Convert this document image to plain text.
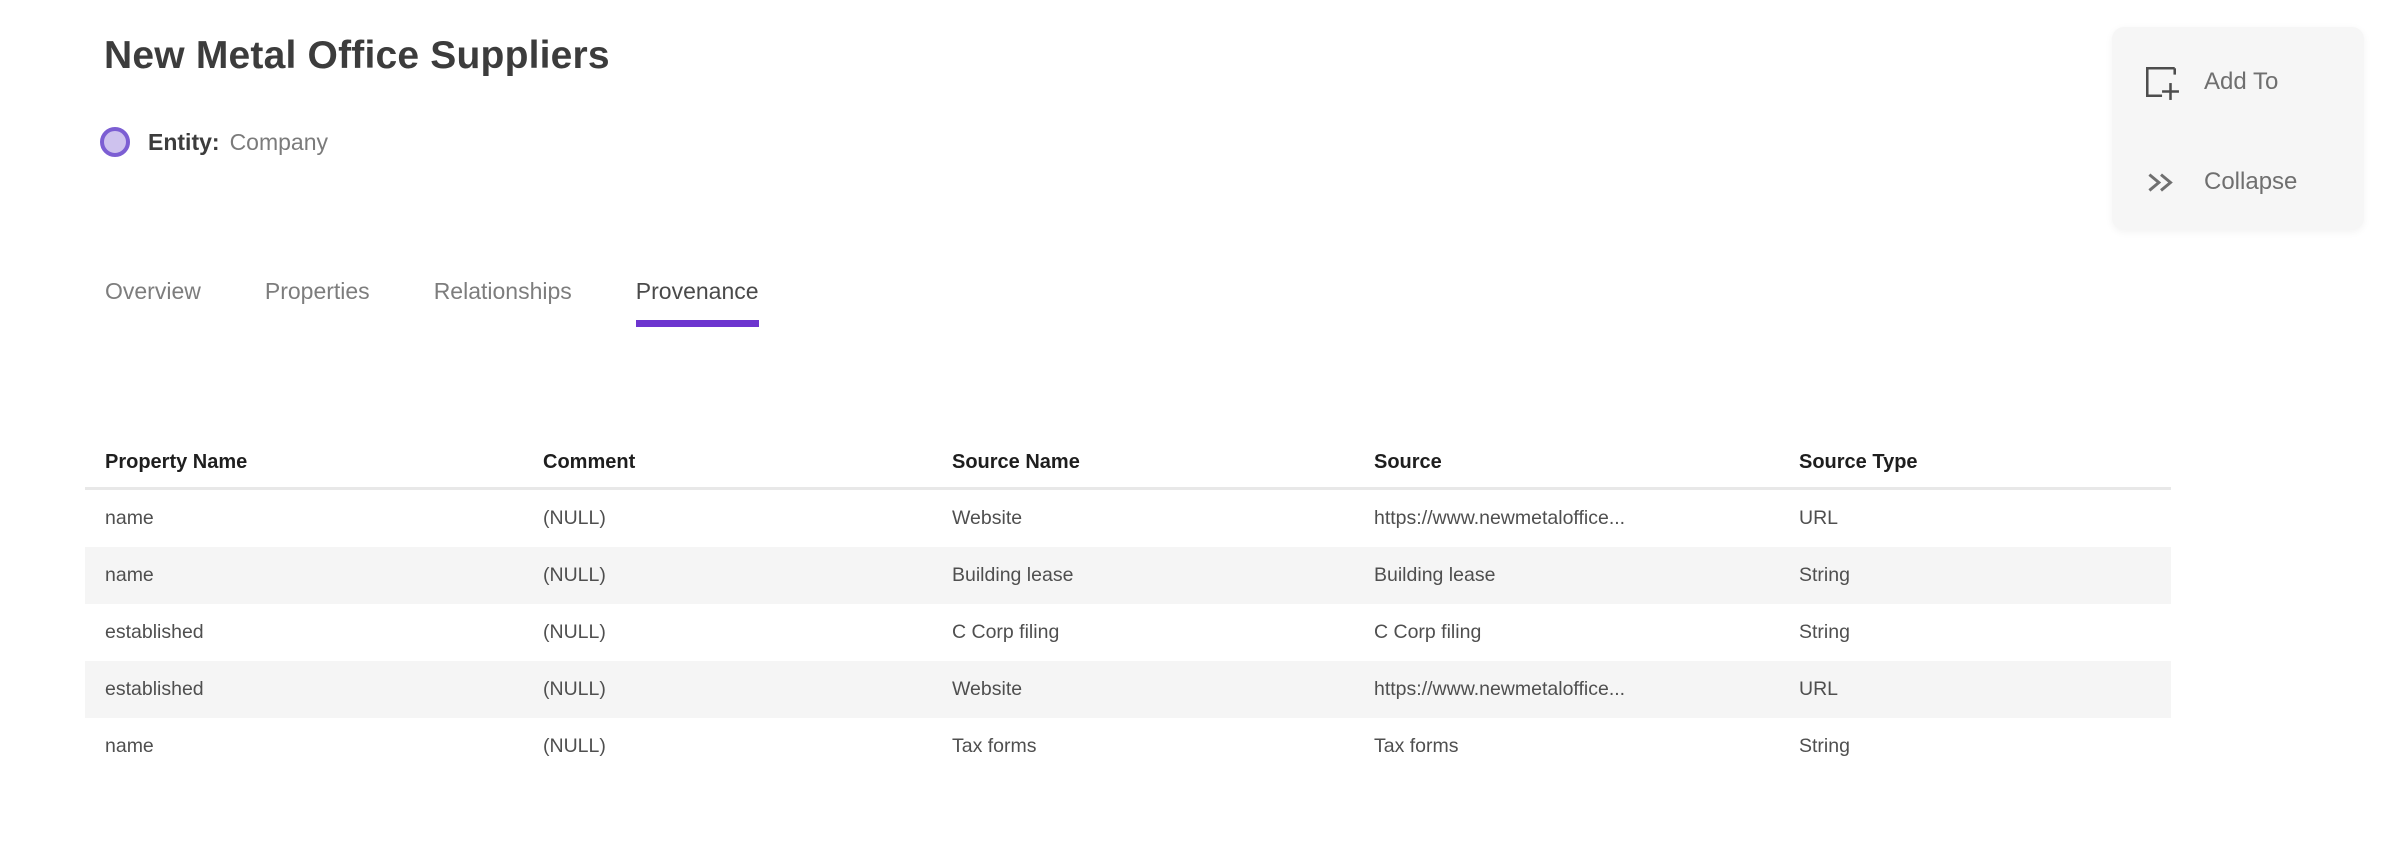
New Metal Office Suppliers
Entity: Company
Add To
Collapse
Overview	Properties	Relationships	Provenance
Property Name	Comment	Source Name	Source	Source Type
name	(NULL)	Website	https://www.newmetaloffice...	URL
name	(NULL)	Building lease	Building lease	String
established	(NULL)	C Corp filing	C Corp filing	String
established	(NULL)	Website	https://www.newmetaloffice...	URL
name	(NULL)	Tax forms	Tax forms	String
